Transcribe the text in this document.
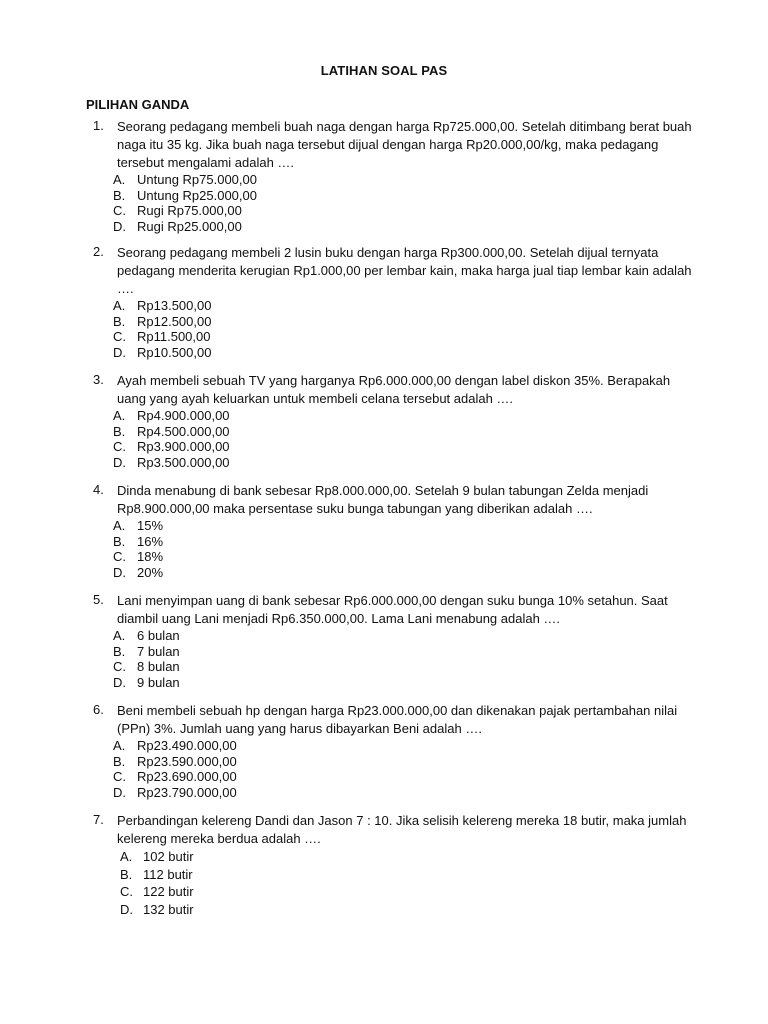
LATIHAN SOAL PAS
PILIHAN GANDA
1. Seorang pedagang membeli buah naga dengan harga Rp725.000,00. Setelah ditimbang berat buah naga itu 35 kg. Jika buah naga tersebut dijual dengan harga Rp20.000,00/kg, maka pedagang tersebut mengalami adalah ….
A. Untung Rp75.000,00
B. Untung Rp25.000,00
C. Rugi Rp75.000,00
D. Rugi Rp25.000,00
2. Seorang pedagang membeli 2 lusin buku dengan harga Rp300.000,00. Setelah dijual ternyata pedagang menderita kerugian Rp1.000,00 per lembar kain, maka harga jual tiap lembar kain adalah ….
A. Rp13.500,00
B. Rp12.500,00
C. Rp11.500,00
D. Rp10.500,00
3. Ayah membeli sebuah TV yang harganya Rp6.000.000,00 dengan label diskon 35%. Berapakah uang yang ayah keluarkan untuk membeli celana tersebut adalah ….
A. Rp4.900.000,00
B. Rp4.500.000,00
C. Rp3.900.000,00
D. Rp3.500.000,00
4. Dinda menabung di bank sebesar Rp8.000.000,00. Setelah 9 bulan tabungan Zelda menjadi Rp8.900.000,00 maka persentase suku bunga tabungan yang diberikan adalah ….
A. 15%
B. 16%
C. 18%
D. 20%
5. Lani menyimpan uang di bank sebesar Rp6.000.000,00 dengan suku bunga 10% setahun. Saat diambil uang Lani menjadi Rp6.350.000,00. Lama Lani menabung adalah ….
A. 6 bulan
B. 7 bulan
C. 8 bulan
D. 9 bulan
6. Beni membeli sebuah hp dengan harga Rp23.000.000,00 dan dikenakan pajak pertambahan nilai (PPn) 3%. Jumlah uang yang harus dibayarkan Beni adalah ….
A. Rp23.490.000,00
B. Rp23.590.000,00
C. Rp23.690.000,00
D. Rp23.790.000,00
7. Perbandingan kelereng Dandi dan Jason 7 : 10. Jika selisih kelereng mereka 18 butir, maka jumlah kelereng mereka berdua adalah ….
A. 102 butir
B. 112 butir
C. 122 butir
D. 132 butir
